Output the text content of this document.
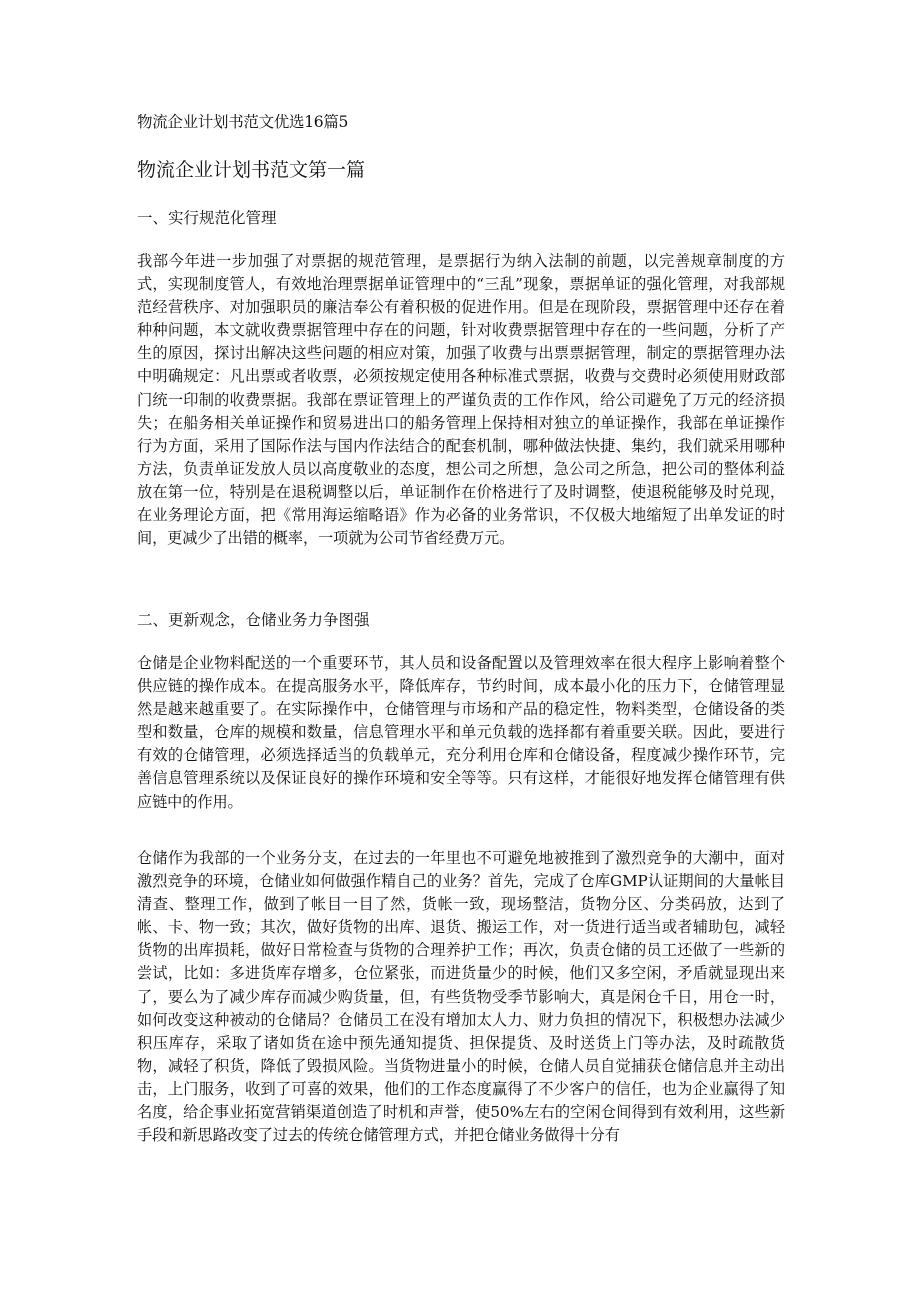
物流企业计划书范文优选16篇5
物流企业计划书范文第一篇
一、实行规范化管理

我部今年进一步加强了对票据的规范管理，是票据行为纳入法制的前题，以完善规章制度的方式，实现制度管人，有效地治理票据单证管理中的“三乱”现象，票据单证的强化管理，对我部规范经营秩序、对加强职员的廉洁奉公有着积极的促进作用。但是在现阶段，票据管理中还存在着种种问题，本文就收费票据管理中存在的问题，针对收费票据管理中存在的一些问题，分析了产生的原因，探讨出解决这些问题的相应对策，加强了收费与出票票据管理，制定的票据管理办法中明确规定：凡出票或者收票，必须按规定使用各种标准式票据，收费与交费时必须使用财政部门统一印制的收费票据。我部在票证管理上的严谨负责的工作作风，给公司避免了万元的经济损失；在船务相关单证操作和贸易进出口的船务管理上保持相对独立的单证操作，我部在单证操作行为方面，采用了国际作法与国内作法结合的配套机制，哪种做法快捷、集约，我们就采用哪种方法，负责单证发放人员以高度敬业的态度，想公司之所想，急公司之所急，把公司的整体利益放在第一位，特别是在退税调整以后，单证制作在价格进行了及时调整，使退税能够及时兑现，在业务理论方面，把《常用海运缩略语》作为必备的业务常识，不仅极大地缩短了出单发证的时间，更减少了出错的概率，一项就为公司节省经费万元。

二、更新观念，仓储业务力争图强

仓储是企业物料配送的一个重要环节，其人员和设备配置以及管理效率在很大程序上影响着整个供应链的操作成本。在提高服务水平，降低库存，节约时间，成本最小化的压力下，仓储管理显然是越来越重要了。在实际操作中，仓储管理与市场和产品的稳定性，物料类型，仓储设备的类型和数量，仓库的规模和数量，信息管理水平和单元负载的选择都有着重要关联。因此，要进行有效的仓储管理，必须选择适当的负载单元，充分利用仓库和仓储设备，程度减少操作环节，完善信息管理系统以及保证良好的操作环境和安全等等。只有这样，才能很好地发挥仓储管理有供应链中的作用。

仓储作为我部的一个业务分支，在过去的一年里也不可避免地被推到了激烈竞争的大潮中，面对激烈竞争的环境，仓储业如何做强作精自己的业务？首先，完成了仓库GMP认证期间的大量帐目清查、整理工作，做到了帐目一目了然，货帐一致，现场整洁，货物分区、分类码放，达到了帐、卡、物一致；其次，做好货物的出库、退货、搬运工作，对一货进行适当或者辅助包，减轻货物的出库损耗，做好日常检查与货物的合理养护工作；再次，负责仓储的员工还做了一些新的尝试，比如：多进货库存增多，仓位紧张，而进货量少的时候，他们又多空闲，矛盾就显现出来了，要么为了减少库存而减少购货量，但，有些货物受季节影响大，真是闲仓千日，用仓一时，如何改变这种被动的仓储局？仓储员工在没有增加太人力、财力负担的情况下，积极想办法减少积压库存，采取了诸如货在途中预先通知提货、担保提货、及时送货上门等办法，及时疏散货物，减轻了积货，降低了毁损风险。当货物进量小的时候，仓储人员自觉捕获仓储信息并主动出击，上门服务，收到了可喜的效果，他们的工作态度赢得了不少客户的信任，也为企业赢得了知名度，给企事业拓宽营销渠道创造了时机和声誉，使50%左右的空闲仓间得到有效利用，这些新手段和新思路改变了过去的传统仓储管理方式，并把仓储业务做得十分有
